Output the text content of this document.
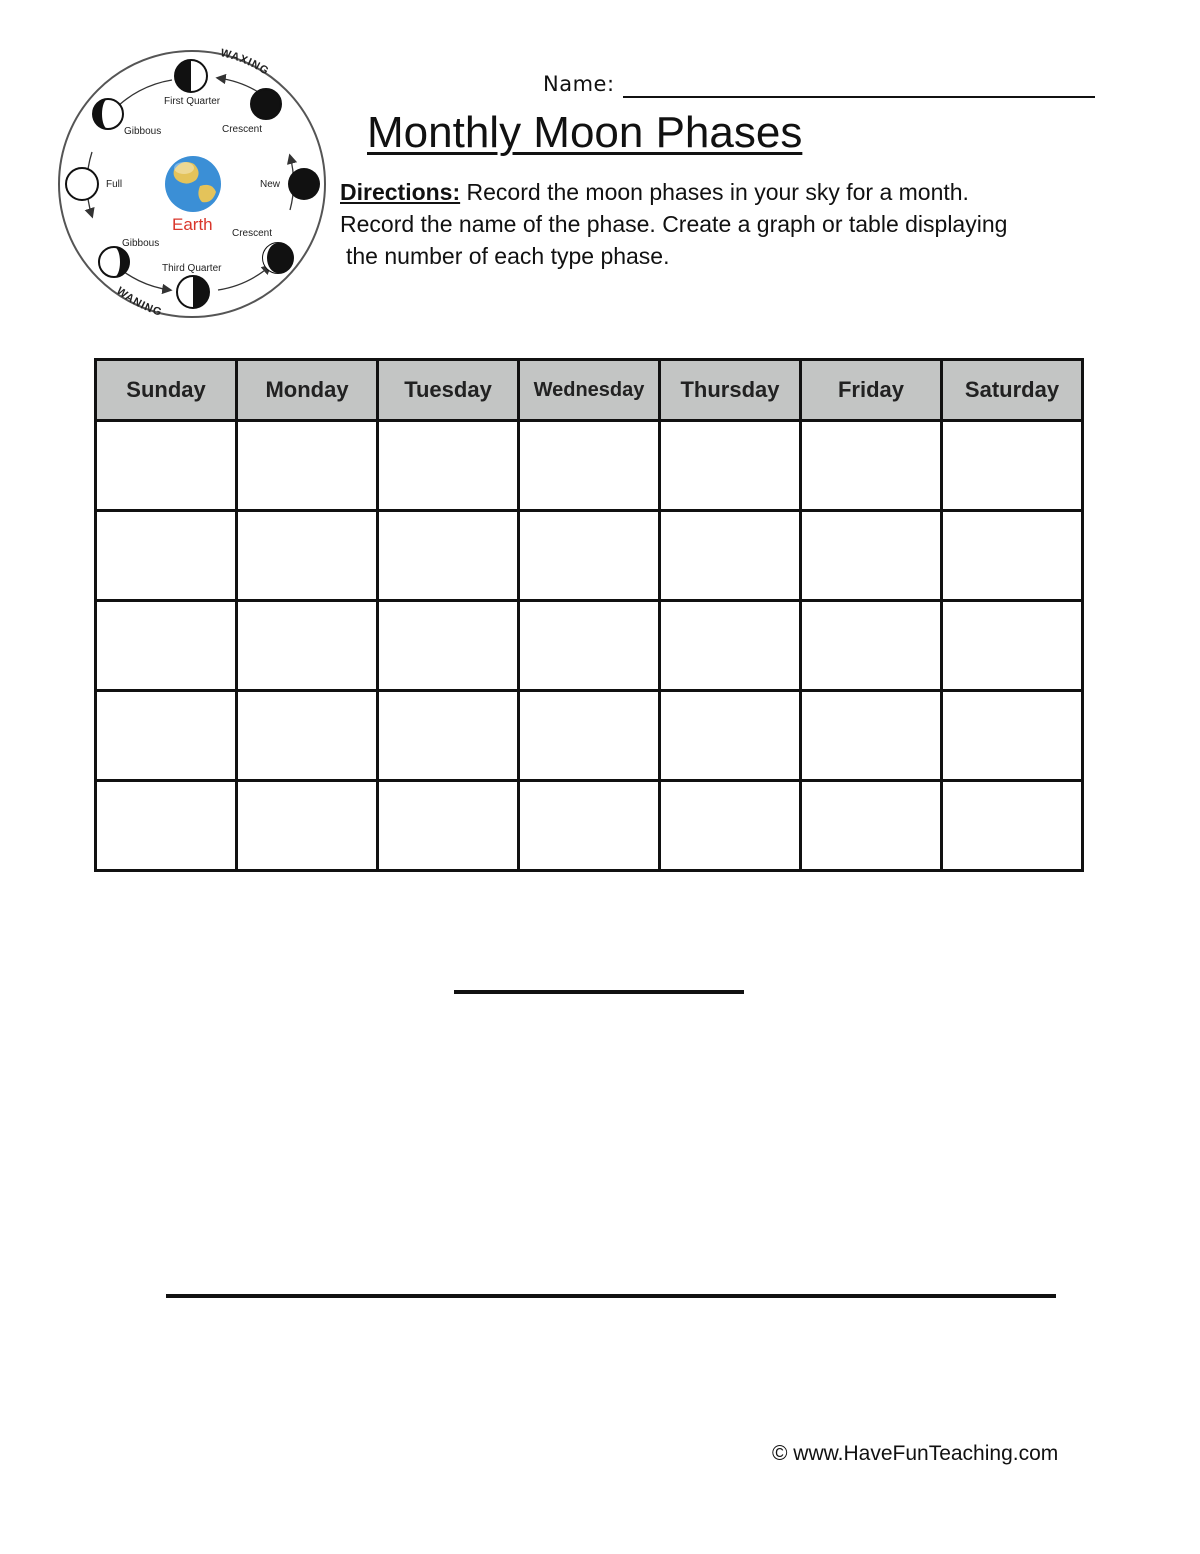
WAXING
WANING
First Quarter
Crescent
New
Crescent
Third Quarter
Gibbous
Full
Gibbous
Earth
Name:
Monthly Moon Phases
Directions: Record the moon phases in your sky for a month.
Record the name of the phase. Create a graph or table displaying
the number of each type phase.
Sunday	Monday	Tuesday	Wednesday	Thursday	Friday	Saturday

© www.HaveFunTeaching.com
